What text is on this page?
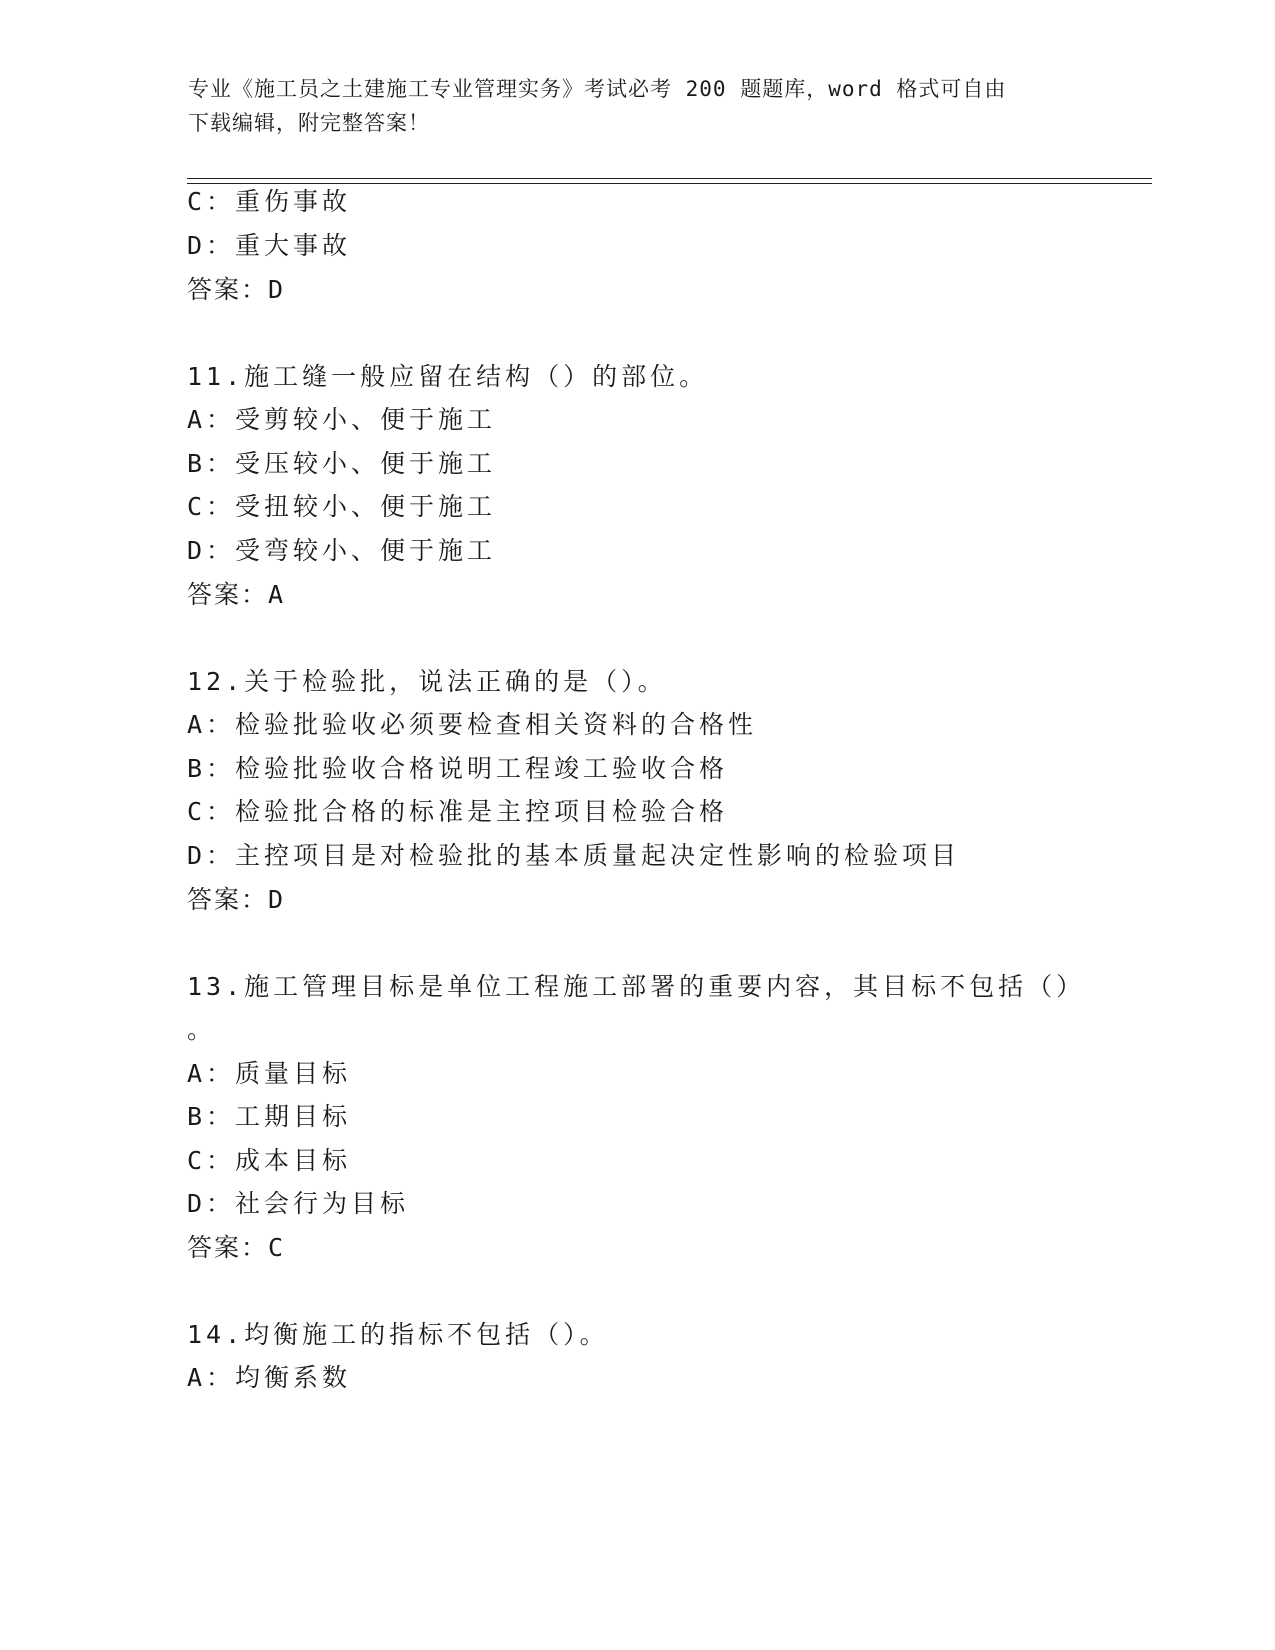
专业《施工员之土建施工专业管理实务》考试必考 200 题题库，word 格式可自由
下载编辑，附完整答案！
C：重伤事故
D：重大事故
答案：D
11.施工缝一般应留在结构（）的部位。
A：受剪较小、便于施工
B：受压较小、便于施工
C：受扭较小、便于施工
D：受弯较小、便于施工
答案：A
12.关于检验批，说法正确的是（）。
A：检验批验收必须要检查相关资料的合格性
B：检验批验收合格说明工程竣工验收合格
C：检验批合格的标准是主控项目检验合格
D：主控项目是对检验批的基本质量起决定性影响的检验项目
答案：D
13.施工管理目标是单位工程施工部署的重要内容，其目标不包括（）
。
A：质量目标
B：工期目标
C：成本目标
D：社会行为目标
答案：C
14.均衡施工的指标不包括（）。
A：均衡系数
